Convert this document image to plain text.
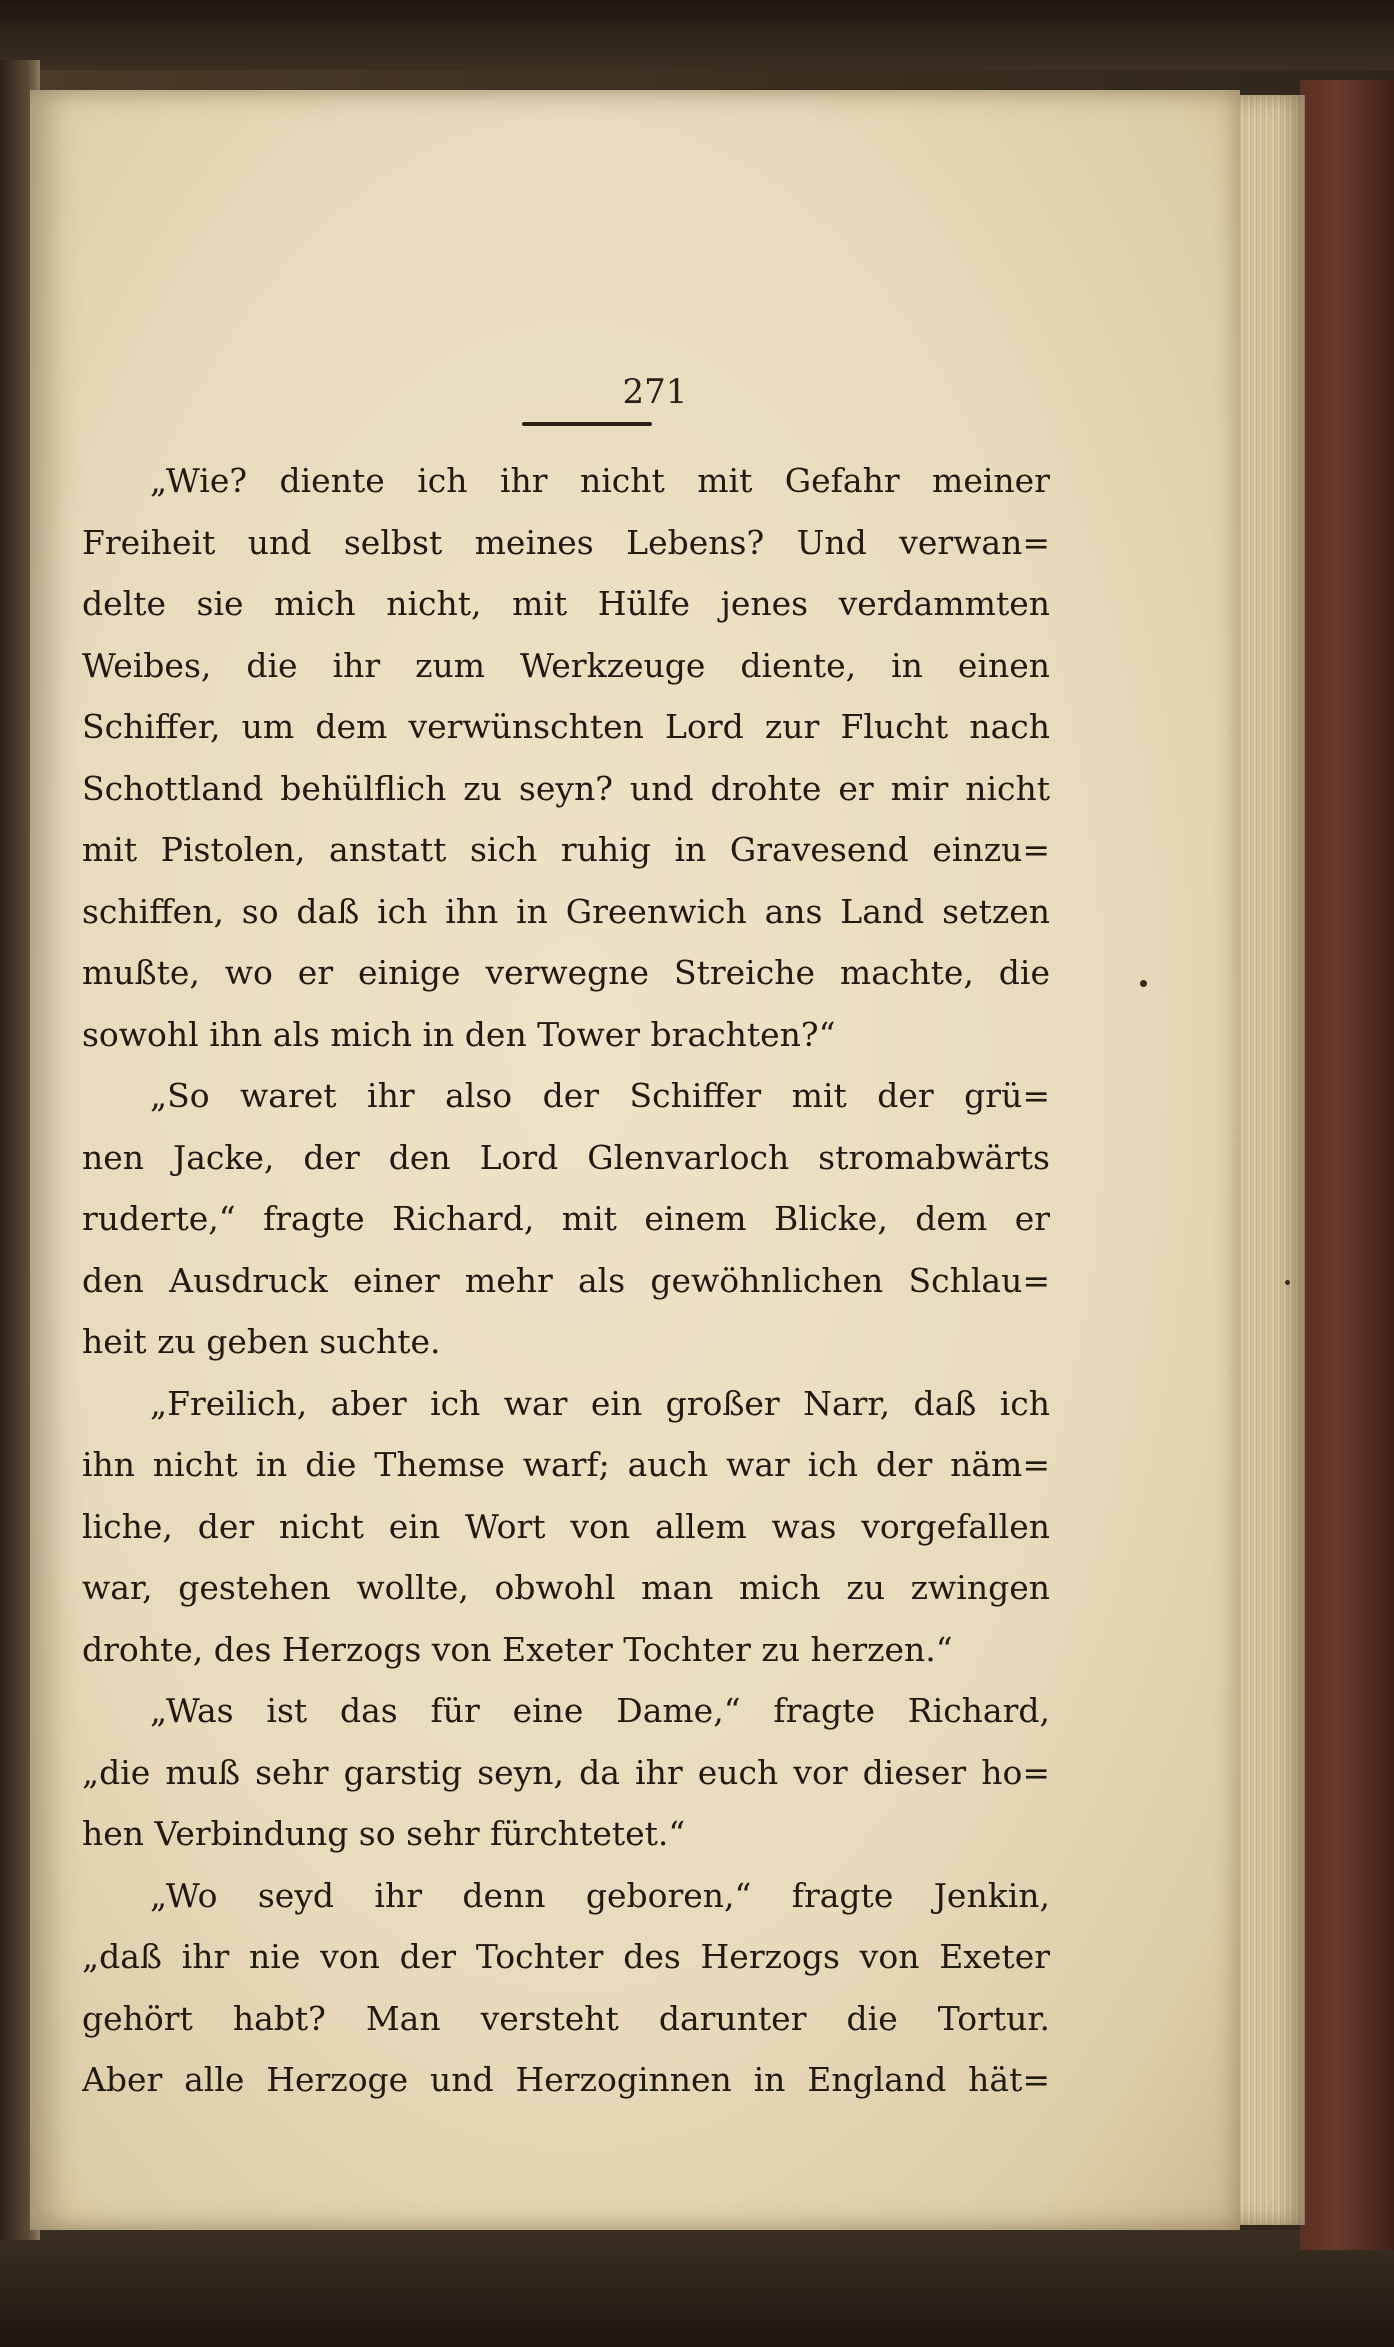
271
„Wie? diente ich ihr nicht mit Gefahr meiner
Freiheit und selbst meines Lebens? Und verwan=
delte sie mich nicht, mit Hülfe jenes verdammten
Weibes, die ihr zum Werkzeuge diente, in einen
Schiffer, um dem verwünschten Lord zur Flucht nach
Schottland behülflich zu seyn? und drohte er mir nicht
mit Pistolen, anstatt sich ruhig in Gravesend einzu=
schiffen, so daß ich ihn in Greenwich ans Land setzen
mußte, wo er einige verwegne Streiche machte, die
sowohl ihn als mich in den Tower brachten?“
„So waret ihr also der Schiffer mit der grü=
nen Jacke, der den Lord Glenvarloch stromabwärts
ruderte,“ fragte Richard, mit einem Blicke, dem er
den Ausdruck einer mehr als gewöhnlichen Schlau=
heit zu geben suchte.
„Freilich, aber ich war ein großer Narr, daß ich
ihn nicht in die Themse warf; auch war ich der näm=
liche, der nicht ein Wort von allem was vorgefallen
war, gestehen wollte, obwohl man mich zu zwingen
drohte, des Herzogs von Exeter Tochter zu herzen.“
„Was ist das für eine Dame,“ fragte Richard,
„die muß sehr garstig seyn, da ihr euch vor dieser ho=
hen Verbindung so sehr fürchtetet.“
„Wo seyd ihr denn geboren,“ fragte Jenkin,
„daß ihr nie von der Tochter des Herzogs von Exeter
gehört habt? Man versteht darunter die Tortur.
Aber alle Herzoge und Herzoginnen in England hät=
